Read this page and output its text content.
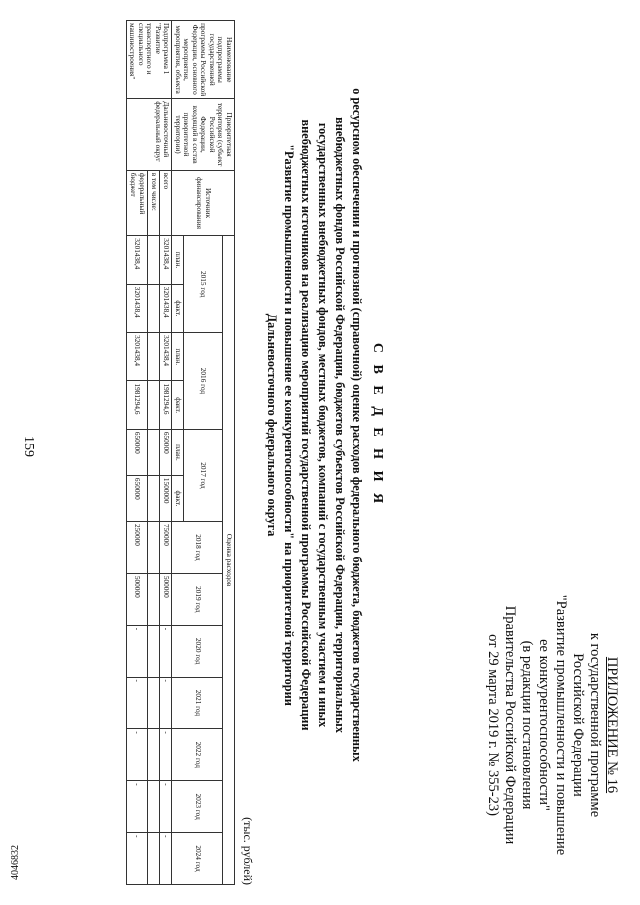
159
4046832
ПРИЛОЖЕНИЕ № 16
к государственной программе
Российской Федерации
"Развитие промышленности и повышение
ее конкурентоспособности"
(в редакции постановления
Правительства Российской Федерации
от 29 марта 2019 г. № 355-23)
С В Е Д Е Н И Я
о ресурсном обеспечении и прогнозной (справочной) оценке расходов федерального бюджета, бюджетов государственных
внебюджетных фондов Российской Федерации, бюджетов субъектов Российской Федерации, территориальных
государственных внебюджетных фондов, местных бюджетов, компаний с государственным участием и иных
внебюджетных источников на реализацию мероприятий государственной программы Российской Федерации
"Развитие промышленности и повышение ее конкурентоспособности" на приоритетной территории
Дальневосточного федерального округа
(тыс. рублей)
Наименование подпрограммы государственной программы Российской Федерации, основного мероприятия, мероприятия, объекта	Приоритетная территория (субъект Российской Федерации, входящий в состав приоритетной территории)	Источник финансирования	Оценка расходов												
			2015 год		2016 год		2017 год		2018 год	2019 год	2020 год	2021 год	2022 год	2023 год	2024 год
			план.	факт.	план.	факт.	план.	факт.							
Подпрограмма 1 "Развитие транспортного и специального машиностроения"	Дальневосточный федеральный округ	всего	3201438,4	3201438,4	3201438,4	1981294,6	650000	1500000	750000	500000	-	-	-	-	-
		в том числе:													
		федеральный бюджет	3201438,4	3201438,4	3201438,4	1981294,6	650000	650000	250000	500000	-	-	-	-	-
